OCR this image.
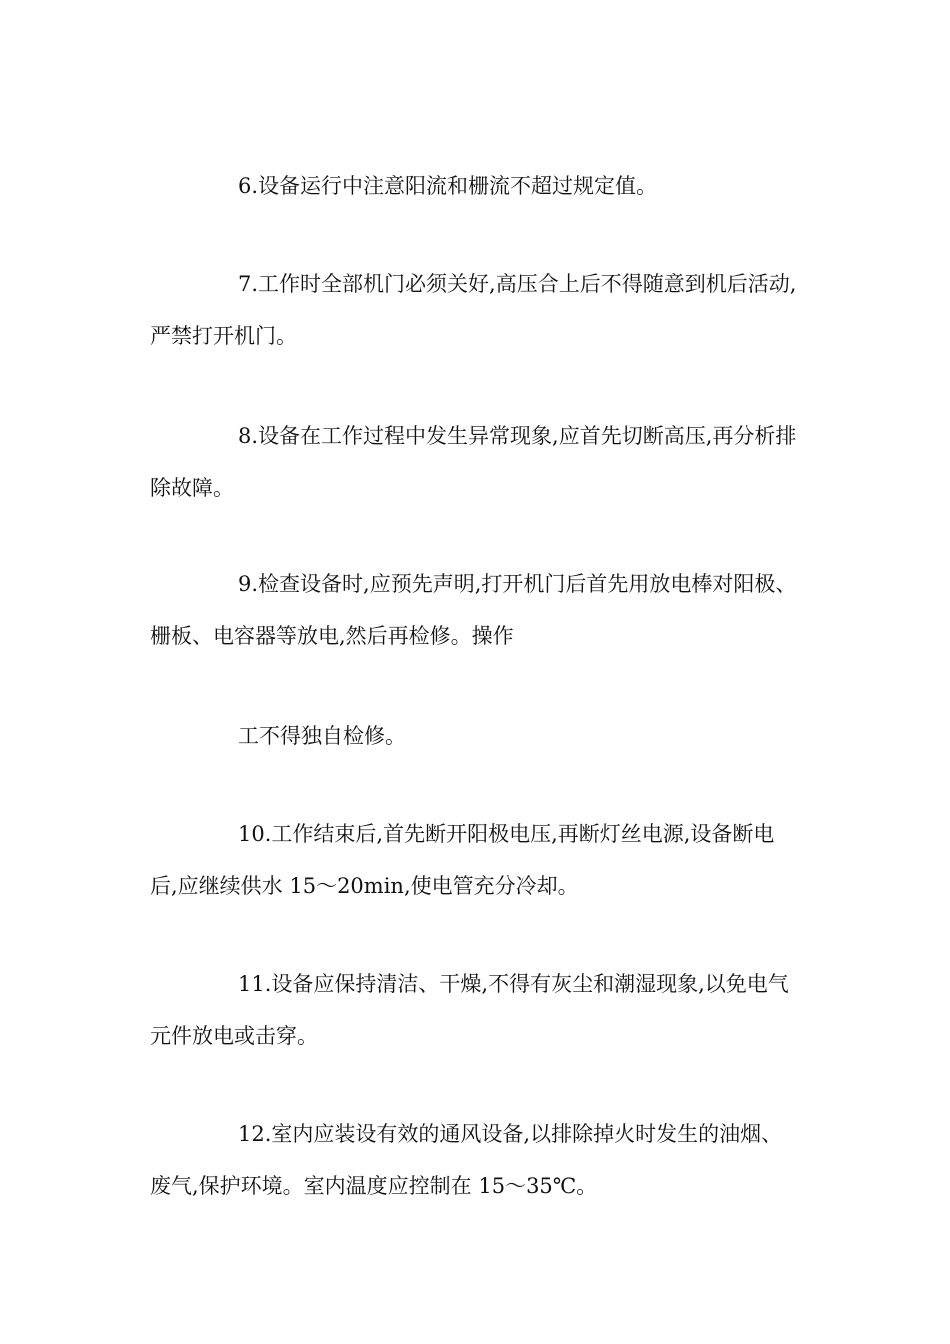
6.设备运行中注意阳流和栅流不超过规定值。

7.工作时全部机门必须关好,高压合上后不得随意到机后活动,严禁打开机门。

8.设备在工作过程中发生异常现象,应首先切断高压,再分析排除故障。

9.检查设备时,应预先声明,打开机门后首先用放电棒对阳极、栅板、电容器等放电,然后再检修。操作

工不得独自检修。

10.工作结束后,首先断开阳极电压,再断灯丝电源,设备断电后,应继续供水 15～20min,使电管充分冷却。

11.设备应保持清洁、干燥,不得有灰尘和潮湿现象,以免电气元件放电或击穿。

12.室内应装设有效的通风设备,以排除掉火时发生的油烟、废气,保护环境。室内温度应控制在 15～35℃。
